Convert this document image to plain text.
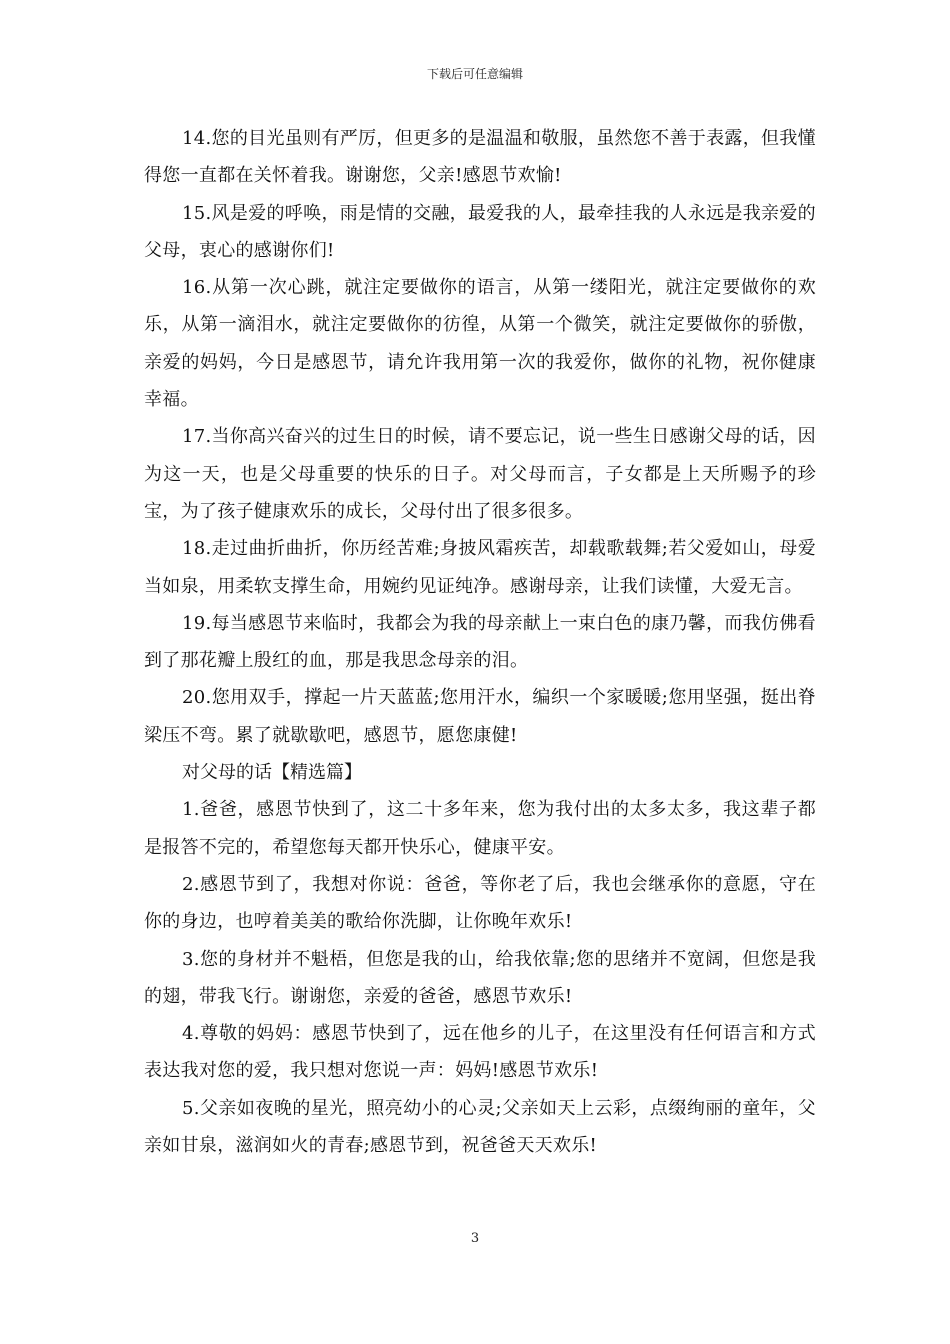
下载后可任意编辑

14.您的目光虽则有严厉，但更多的是温温和敬服，虽然您不善于表露，但我懂得您一直都在关怀着我。谢谢您，父亲!感恩节欢愉!

15.风是爱的呼唤，雨是情的交融，最爱我的人，最牵挂我的人永远是我亲爱的父母，衷心的感谢你们!

16.从第一次心跳，就注定要做你的语言，从第一缕阳光，就注定要做你的欢乐，从第一滴泪水，就注定要做你的彷徨，从第一个微笑，就注定要做你的骄傲，亲爱的妈妈，今日是感恩节，请允许我用第一次的我爱你，做你的礼物，祝你健康幸福。

17.当你高兴奋兴的过生日的时候，请不要忘记，说一些生日感谢父母的话，因为这一天，也是父母重要的快乐的日子。对父母而言，子女都是上天所赐予的珍宝，为了孩子健康欢乐的成长，父母付出了很多很多。

18.走过曲折曲折，你历经苦难;身披风霜疾苦，却载歌载舞;若父爱如山，母爱当如泉，用柔软支撑生命，用婉约见证纯净。感谢母亲，让我们读懂，大爱无言。

19.每当感恩节来临时，我都会为我的母亲献上一束白色的康乃馨，而我仿佛看到了那花瓣上殷红的血，那是我思念母亲的泪。

20.您用双手，撑起一片天蓝蓝;您用汗水，编织一个家暖暖;您用坚强，挺出脊梁压不弯。累了就歇歇吧，感恩节，愿您康健!

对父母的话【精选篇】

1.爸爸，感恩节快到了，这二十多年来，您为我付出的太多太多，我这辈子都是报答不完的，希望您每天都开快乐心，健康平安。

2.感恩节到了，我想对你说：爸爸，等你老了后，我也会继承你的意愿，守在你的身边，也哼着美美的歌给你洗脚，让你晚年欢乐!

3.您的身材并不魁梧，但您是我的山，给我依靠;您的思绪并不宽阔，但您是我的翅，带我飞行。谢谢您，亲爱的爸爸，感恩节欢乐!

4.尊敬的妈妈：感恩节快到了，远在他乡的儿子，在这里没有任何语言和方式表达我对您的爱，我只想对您说一声：妈妈!感恩节欢乐!

5.父亲如夜晚的星光，照亮幼小的心灵;父亲如天上云彩，点缀绚丽的童年，父亲如甘泉，滋润如火的青春;感恩节到，祝爸爸天天欢乐!

3
